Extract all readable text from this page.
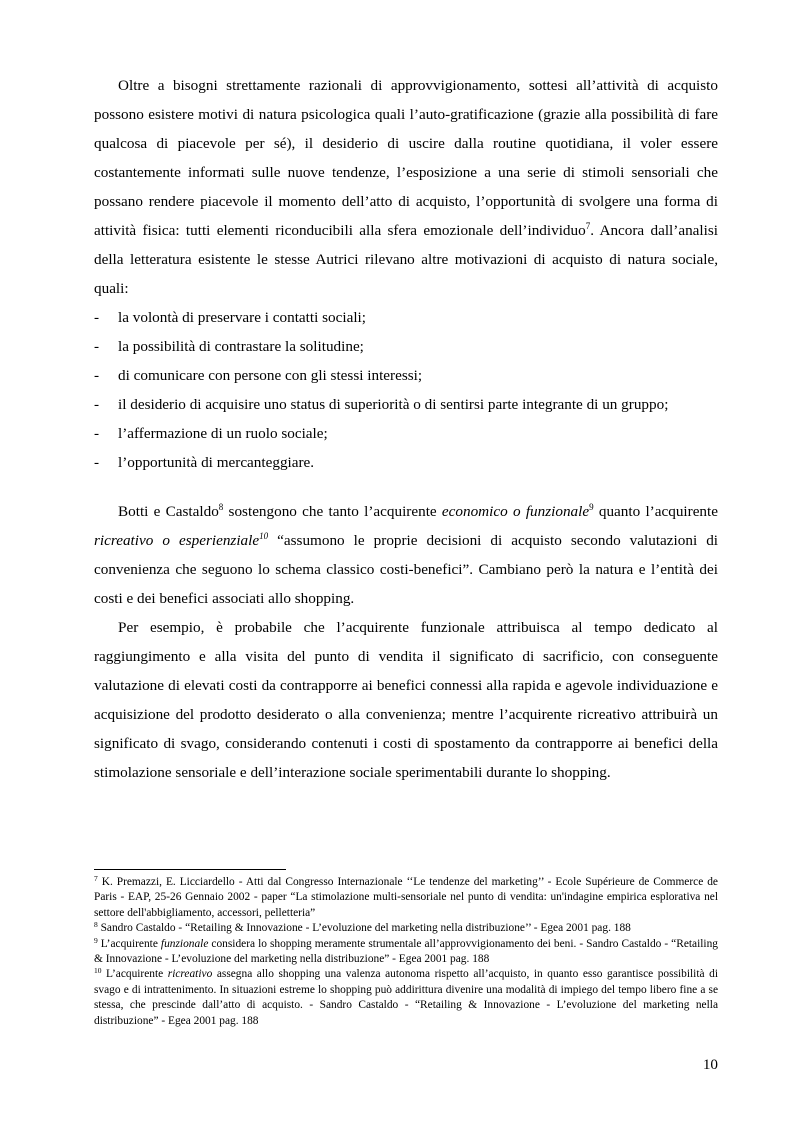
Oltre a bisogni strettamente razionali di approvvigionamento, sottesi all’attività di acquisto possono esistere motivi di natura psicologica quali l’auto-gratificazione (grazie alla possibilità di fare qualcosa di piacevole per sé), il desiderio di uscire dalla routine quotidiana, il voler essere costantemente informati sulle nuove tendenze, l’esposizione a una serie di stimoli sensoriali che possano rendere piacevole il momento dell’atto di acquisto, l’opportunità di svolgere una forma di attività fisica: tutti elementi riconducibili alla sfera emozionale dell’individuo$^7$. Ancora dall’analisi della letteratura esistente le stesse Autrici rilevano altre motivazioni di acquisto di natura sociale, quali:

- la volontà di preservare i contatti sociali;
- la possibilità di contrastare la solitudine;
- di comunicare con persone con gli stessi interessi;
- il desiderio di acquisire uno status di superiorità o di sentirsi parte integrante di un gruppo;
- l’affermazione di un ruolo sociale;
- l’opportunità di mercanteggiare.

Botti e Castaldo$^8$ sostengono che tanto l’acquirente economico o funzionale$^9$ quanto l’acquirente ricreativo o esperienziale$^{10}$ “assumono le proprie decisioni di acquisto secondo valutazioni di convenienza che seguono lo schema classico costi-benefici”. Cambiano però la natura e l’entità dei costi e dei benefici associati allo shopping.

Per esempio, è probabile che l’acquirente funzionale attribuisca al tempo dedicato al raggiungimento e alla visita del punto di vendita il significato di sacrificio, con conseguente valutazione di elevati costi da contrapporre ai benefici connessi alla rapida e agevole individuazione e acquisizione del prodotto desiderato o alla convenienza; mentre l’acquirente ricreativo attribuirà un significato di svago, considerando contenuti i costi di spostamento da contrapporre ai benefici della stimolazione sensoriale e dell’interazione sociale sperimentabili durante lo shopping.

$^7$ K. Premazzi, E. Licciardello - Atti dal Congresso Internazionale ‘‘Le tendenze del marketing’’ - Ecole Supérieure de Commerce de Paris - EAP, 25-26 Gennaio 2002 - paper “La stimolazione multi-sensoriale nel punto di vendita: un'indagine empirica esplorativa nel settore dell'abbigliamento, accessori, pelletteria”

$^8$ Sandro Castaldo - “Retailing & Innovazione - L’evoluzione del marketing nella distribuzione’’ - Egea 2001 pag. 188

$^9$ L’acquirente funzionale considera lo shopping meramente strumentale all’approvvigionamento dei beni. - Sandro Castaldo - “Retailing & Innovazione - L’evoluzione del marketing nella distribuzione” - Egea 2001 pag. 188

$^{10}$ L’acquirente ricreativo assegna allo shopping una valenza autonoma rispetto all’acquisto, in quanto esso garantisce possibilità di svago e di intrattenimento. In situazioni estreme lo shopping può addirittura divenire una modalità di impiego del tempo libero fine a se stessa, che prescinde dall’atto di acquisto. - Sandro Castaldo - “Retailing & Innovazione - L’evoluzione del marketing nella distribuzione” - Egea 2001 pag. 188

10
